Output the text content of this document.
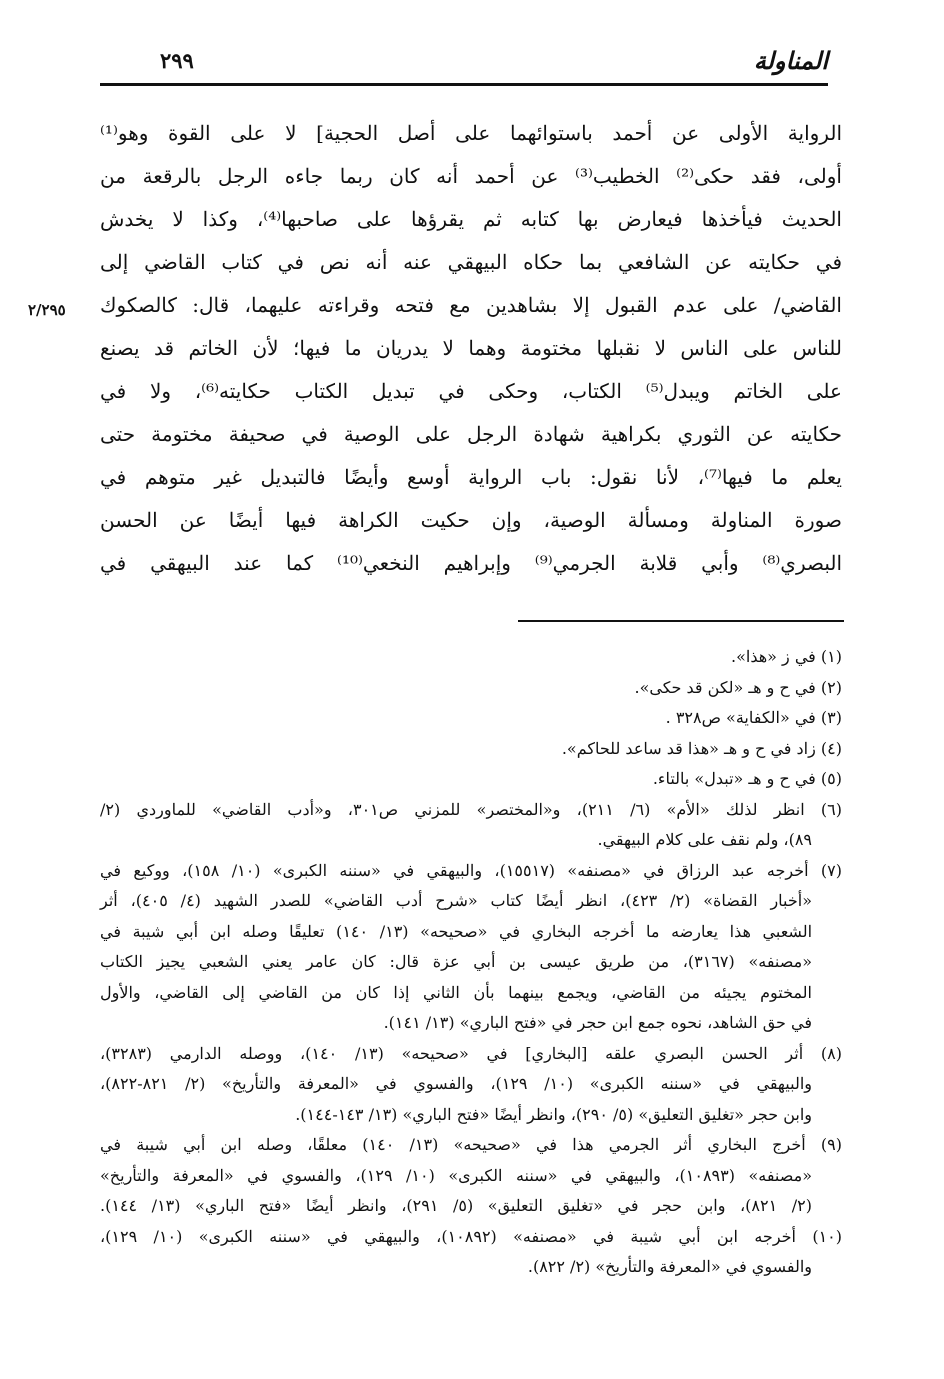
المناولة
٢٩٩
٢/٢٩٥
الرواية الأولى عن أحمد باستوائهما على أصل الحجية] لا على القوة وهو⁽¹⁾
أولى، فقد حكى⁽²⁾ الخطيب⁽³⁾ عن أحمد أنه كان ربما جاءه الرجل بالرقعة من
الحديث فيأخذها فيعارض بها كتابه ثم يقرؤها على صاحبها⁽⁴⁾، وكذا لا يخدش
في حكايته عن الشافعي بما حكاه البيهقي عنه أنه نص في كتاب القاضي إلى
القاضي/ على عدم القبول إلا بشاهدين مع فتحه وقراءته عليهما، قال: كالصكوك
للناس على الناس لا نقبلها مختومة وهما لا يدريان ما فيها؛ لأن الخاتم قد يصنع
على الخاتم ويبدل⁽⁵⁾ الكتاب، وحكى في تبديل الكتاب حكايته⁽⁶⁾، ولا في
حكايته عن الثوري بكراهية شهادة الرجل على الوصية في صحيفة مختومة حتى
يعلم ما فيها⁽⁷⁾، لأنا نقول: باب الرواية أوسع وأيضًا فالتبديل غير متوهم في
صورة المناولة ومسألة الوصية، وإن حكيت الكراهة فيها أيضًا عن الحسن
البصري⁽⁸⁾ وأبي قلابة الجرمي⁽⁹⁾ وإبراهيم النخعي⁽¹⁰⁾ كما عند البيهقي في
(١) في ز «هذا».
(٢) في ح و هـ «لكن قد حكى».
(٣) في «الكفاية» ص٣٢٨ .
(٤) زاد في ح و هـ «هذا قد ساعد للحاكم».
(٥) في ح و هـ «تبدل» بالتاء.
(٦) انظر لذلك «الأم» (٦/ ٢١١)، و«المختصر» للمزني ص٣٠١، و«أدب القاضي» للماوردي (٢/
٨٩)، ولم نقف على كلام البيهقي.
(٧) أخرجه عبد الرزاق في «مصنفه» (١٥٥١٧)، والبيهقي في «سننه الكبرى» (١٠/ ١٥٨)، ووكيع في
«أخبار القضاة» (٢/ ٤٢٣)، انظر أيضًا كتاب «شرح أدب القاضي» للصدر الشهيد (٤/ ٤٠٥)، أثر
الشعبي هذا يعارضه ما أخرجه البخاري في «صحيحه» (١٣/ ١٤٠) تعليقًا وصله ابن أبي شيبة في
«مصنفه» (٣١٦٧)، من طريق عيسى بن أبي عزة قال: كان عامر يعني الشعبي يجيز الكتاب
المختوم يجيئه من القاضي، ويجمع بينهما بأن الثاني إذا كان من القاضي إلى القاضي، والأول
في حق الشاهد، نحوه جمع ابن حجر في «فتح الباري» (١٣/ ١٤١).
(٨) أثر الحسن البصري علقه [البخاري] في «صحيحه» (١٣/ ١٤٠)، ووصله الدارمي (٣٢٨٣)،
والبيهقي في «سننه الكبرى» (١٠/ ١٢٩)، والفسوي في «المعرفة والتأريخ» (٢/ ٨٢١-٨٢٢)،
وابن حجر «تغليق التعليق» (٥/ ٢٩٠)، وانظر أيضًا «فتح الباري» (١٣/ ١٤٣-١٤٤).
(٩) أخرج البخاري أثر الجرمي هذا في «صحيحه» (١٣/ ١٤٠) معلقًا، وصله ابن أبي شيبة في
«مصنفه» (١٠٨٩٣)، والبيهقي في «سننه الكبرى» (١٠/ ١٢٩)، والفسوي في «المعرفة والتأريخ»
(٢/ ٨٢١)، وابن حجر في «تغليق التعليق» (٥/ ٢٩١)، وانظر أيضًا «فتح الباري» (١٣/ ١٤٤).
(١٠) أخرجه ابن أبي شيبة في «مصنفه» (١٠٨٩٢)، والبيهقي في «سننه الكبرى» (١٠/ ١٢٩)،
والفسوي في «المعرفة والتأريخ» (٢/ ٨٢٢).
